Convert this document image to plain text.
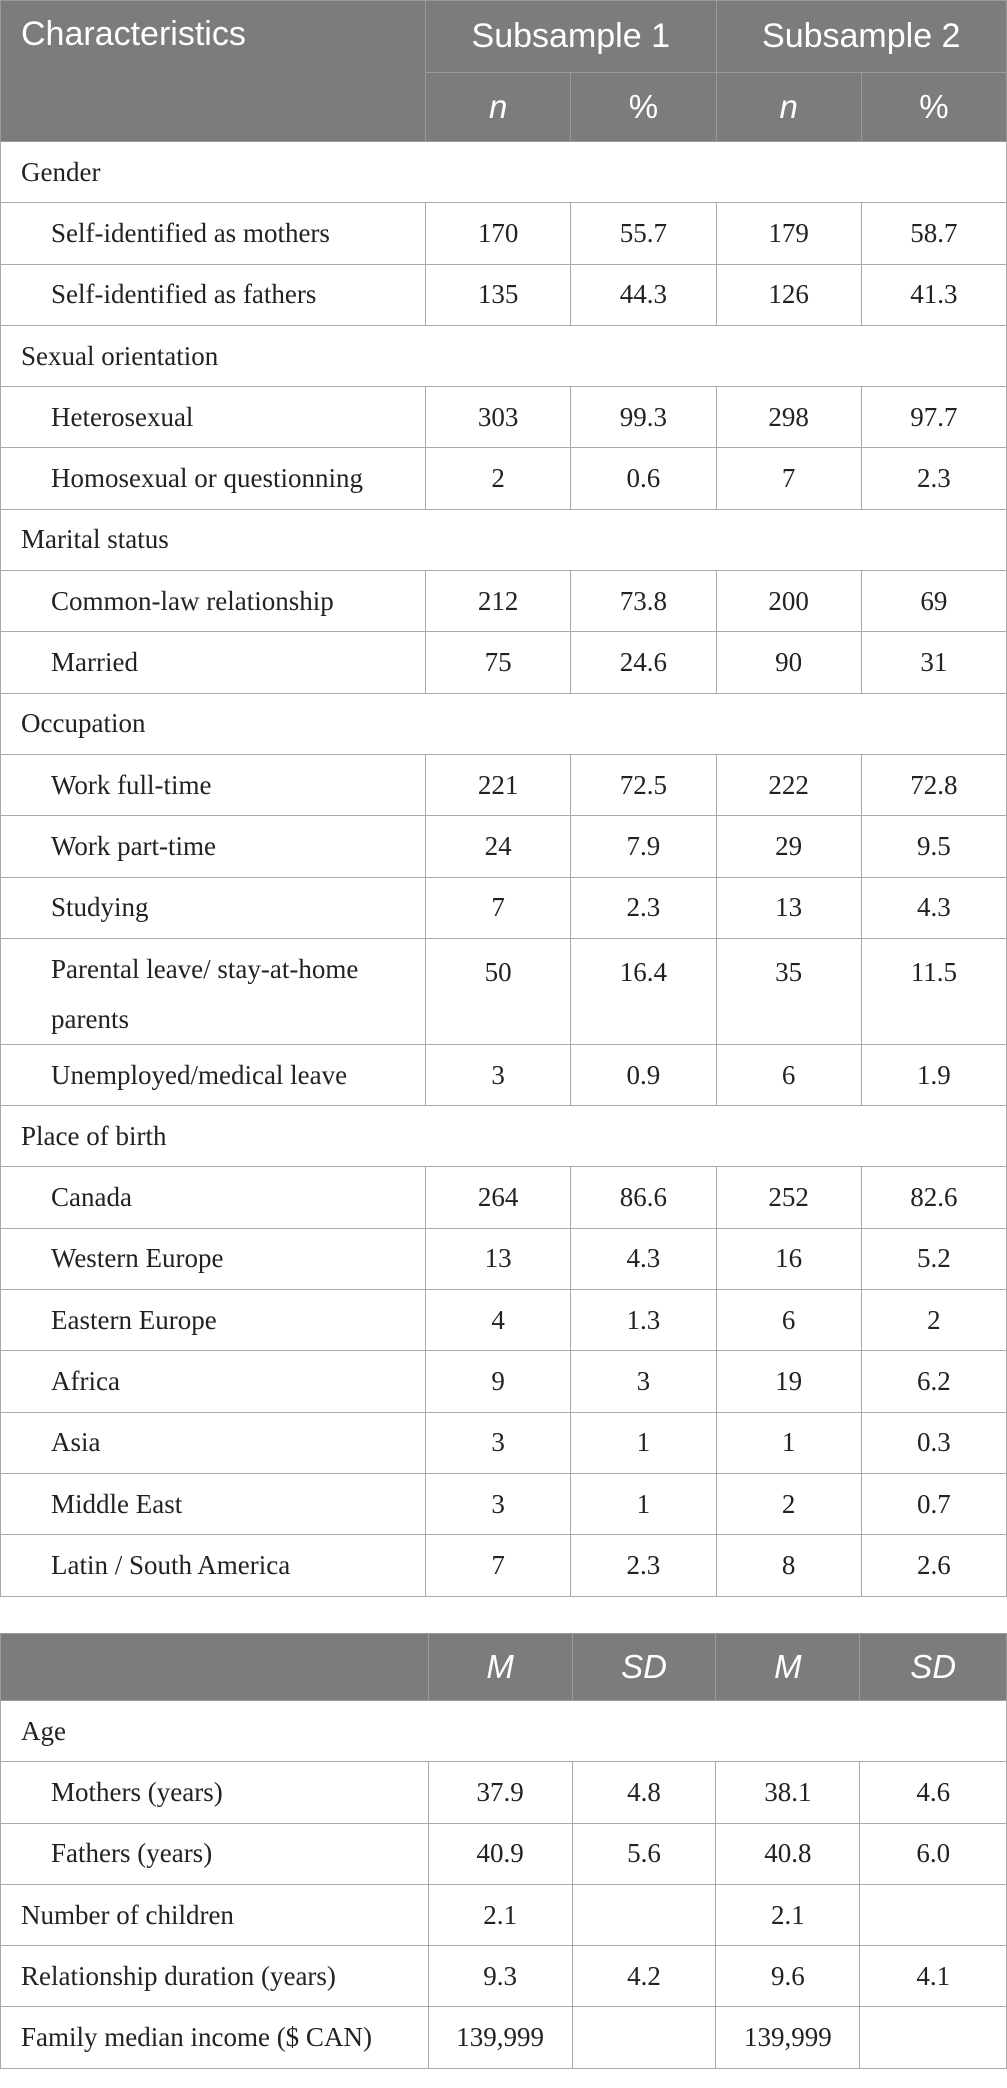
Characteristics	Subsample 1		Subsample 2	
	n	%	n	%
Gender				
Self-identified as mothers	170	55.7	179	58.7
Self-identified as fathers	135	44.3	126	41.3
Sexual orientation				
Heterosexual	303	99.3	298	97.7
Homosexual or questionning	2	0.6	7	2.3
Marital status				
Common-law relationship	212	73.8	200	69
Married	75	24.6	90	31
Occupation				
Work full-time	221	72.5	222	72.8
Work part-time	24	7.9	29	9.5
Studying	7	2.3	13	4.3
Parental leave/ stay-at-home parents	50	16.4	35	11.5
Unemployed/medical leave	3	0.9	6	1.9
Place of birth				
Canada	264	86.6	252	82.6
Western Europe	13	4.3	16	5.2
Eastern Europe	4	1.3	6	2
Africa	9	3	19	6.2
Asia	3	1	1	0.3
Middle East	3	1	2	0.7
Latin / South America	7	2.3	8	2.6
	M	SD	M	SD
Age				
Mothers (years)	37.9	4.8	38.1	4.6
Fathers (years)	40.9	5.6	40.8	6.0
Number of children	2.1		2.1	
Relationship duration (years)	9.3	4.2	9.6	4.1
Family median income ($ CAN)	139,999		139,999	
